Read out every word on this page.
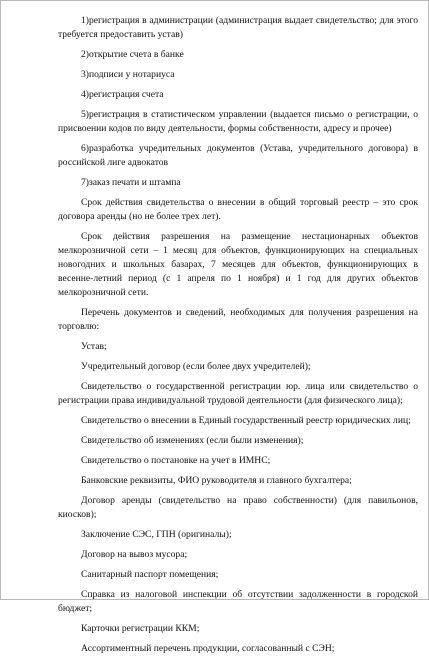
1)регистрация в администрации (администрация выдает свидетельство; для этого требуется предоставить устав)

2)открытие счета в банке

3)подписи у нотариуса

4)регистрация счета

5)регистрация в статистическом управлении (выдается письмо о регистрации, о присвоении кодов по виду деятельности, формы собственности, адресу и прочее)

6)разработка учредительных документов (Устава, учредительного договора) в российской лиге адвокатов

7)заказ печати и штампа

Срок действия свидетельства о внесении в общий торговый реестр – это срок договора аренды (но не более трех лет).

Срок действия разрешения на размещение нестационарных объектов мелкорозничной сети – 1 месяц для объектов, функционирующих на специальных новогодних и школьных базарах, 7 месяцев для объектов, функционирующих в весенне-летний период (с 1 апреля по 1 ноября) и 1 год для других объектов мелкорозничной сети.

Перечень документов и сведений, необходимых для получения разрешения на торговлю:

Устав;

Учредительный договор (если более двух учредителей);

Свидетельство о государственной регистрации юр. лица или свидетельство о регистрации права индивидуальной трудовой деятельности (для физического лица);

Свидетельство о внесении в Единый государственный реестр юридических лиц;

Свидетельство об изменениях (если были изменения);

Свидетельство о постановке на учет в ИМНС;

Банковские реквизиты, ФИО руководителя и главного бухгалтера;

Договор аренды (свидетельство на право собственности) (для павильонов, киосков);

Заключение СЭС, ГПН (оригиналы);

Договор на вывоз мусора;

Санитарный паспорт помещения;

Справка из налоговой инспекции об отсутствии задолженности в городской бюджет;

Карточки регистрации ККМ;

Ассортиментный перечень продукции, согласованный с СЭН;
